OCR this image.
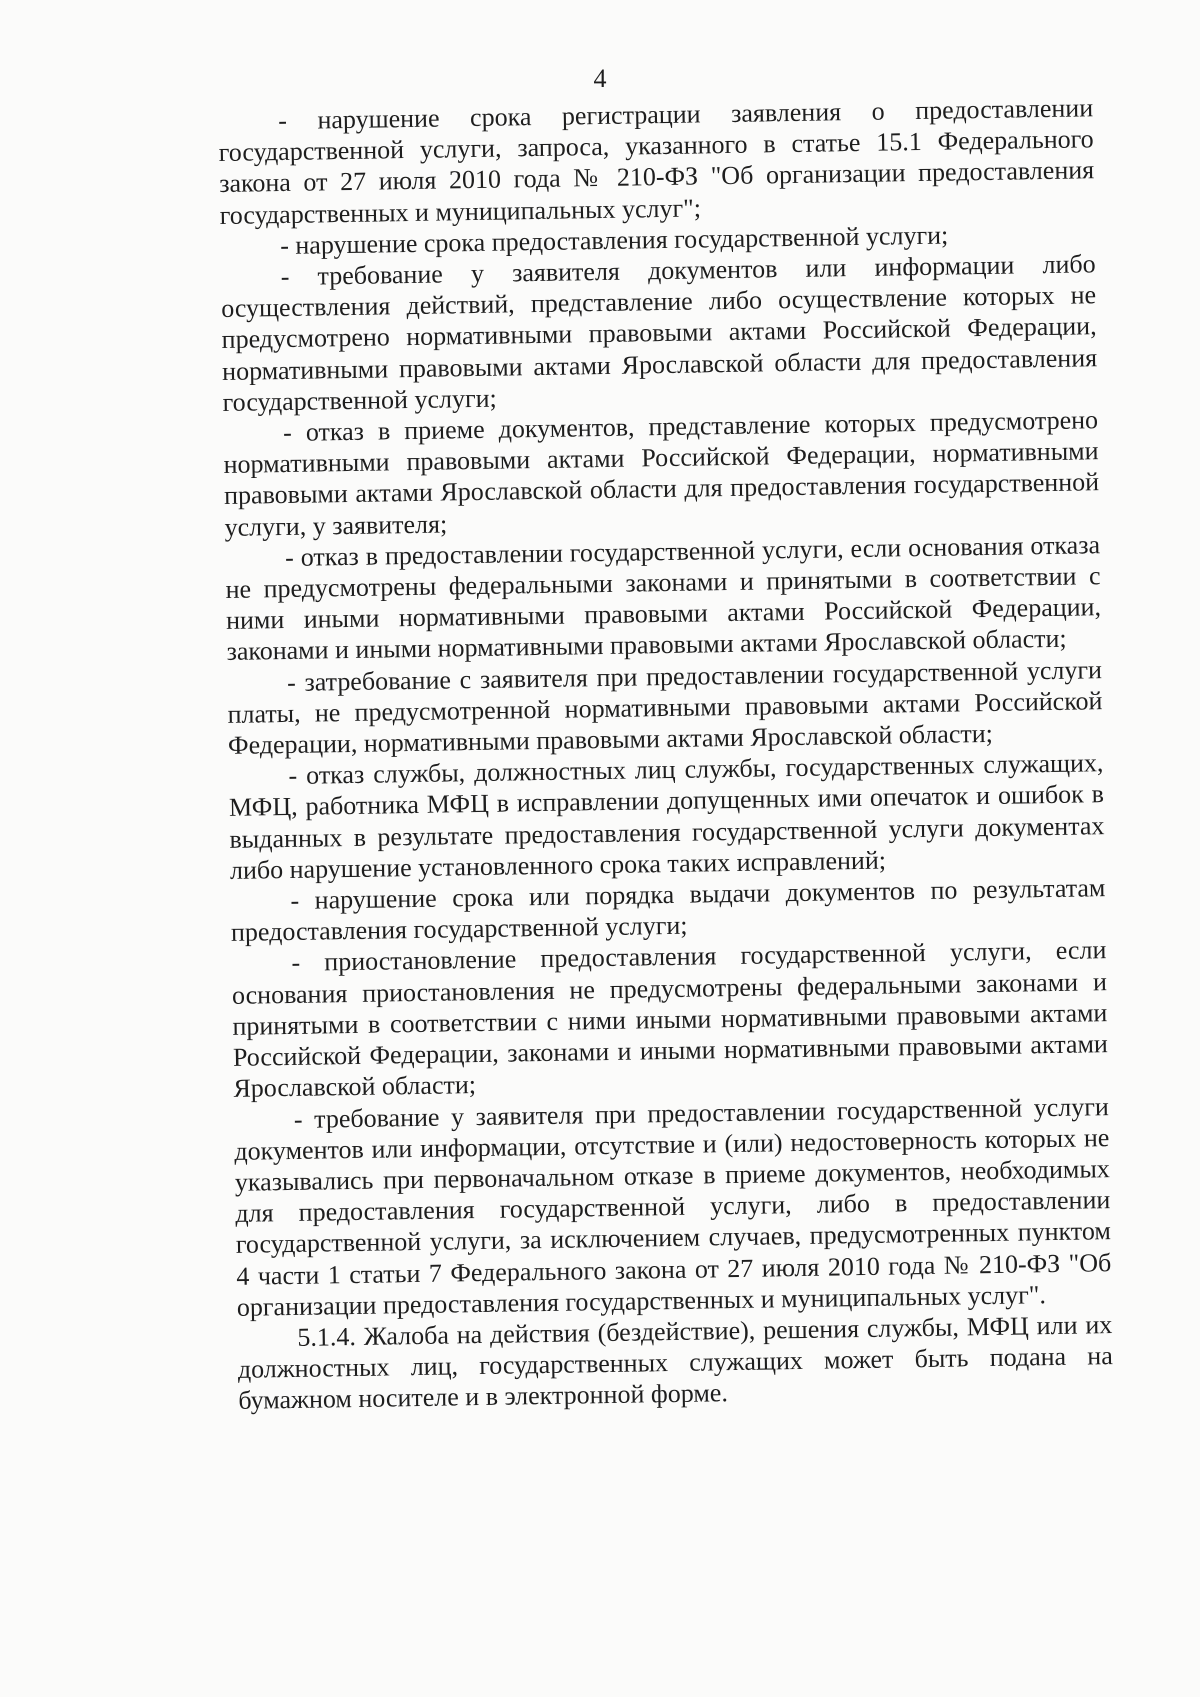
4

- нарушение срока регистрации заявления о предоставлении государственной услуги, запроса, указанного в статье 15.1 Федерального закона от 27 июля 2010 года № 210-ФЗ "Об организации предоставления государственных и муниципальных услуг";

- нарушение срока предоставления государственной услуги;

- требование у заявителя документов или информации либо осуществления действий, представление либо осуществление которых не предусмотрено нормативными правовыми актами Российской Федерации, нормативными правовыми актами Ярославской области для предоставления государственной услуги;

- отказ в приеме документов, представление которых предусмотрено нормативными правовыми актами Российской Федерации, нормативными правовыми актами Ярославской области для предоставления государственной услуги, у заявителя;

- отказ в предоставлении государственной услуги, если основания отказа не предусмотрены федеральными законами и принятыми в соответствии с ними иными нормативными правовыми актами Российской Федерации, законами и иными нормативными правовыми актами Ярославской области;

- затребование с заявителя при предоставлении государственной услуги платы, не предусмотренной нормативными правовыми актами Российской Федерации, нормативными правовыми актами Ярославской области;

- отказ службы, должностных лиц службы, государственных служащих, МФЦ, работника МФЦ в исправлении допущенных ими опечаток и ошибок в выданных в результате предоставления государственной услуги документах либо нарушение установленного срока таких исправлений;

- нарушение срока или порядка выдачи документов по результатам предоставления государственной услуги;

- приостановление предоставления государственной услуги, если основания приостановления не предусмотрены федеральными законами и принятыми в соответствии с ними иными нормативными правовыми актами Российской Федерации, законами и иными нормативными правовыми актами Ярославской области;

- требование у заявителя при предоставлении государственной услуги документов или информации, отсутствие и (или) недостоверность которых не указывались при первоначальном отказе в приеме документов, необходимых для предоставления государственной услуги, либо в предоставлении государственной услуги, за исключением случаев, предусмотренных пунктом 4 части 1 статьи 7 Федерального закона от 27 июля 2010 года № 210-ФЗ "Об организации предоставления государственных и муниципальных услуг".

5.1.4. Жалоба на действия (бездействие), решения службы, МФЦ или их должностных лиц, государственных служащих может быть подана на бумажном носителе и в электронной форме.
